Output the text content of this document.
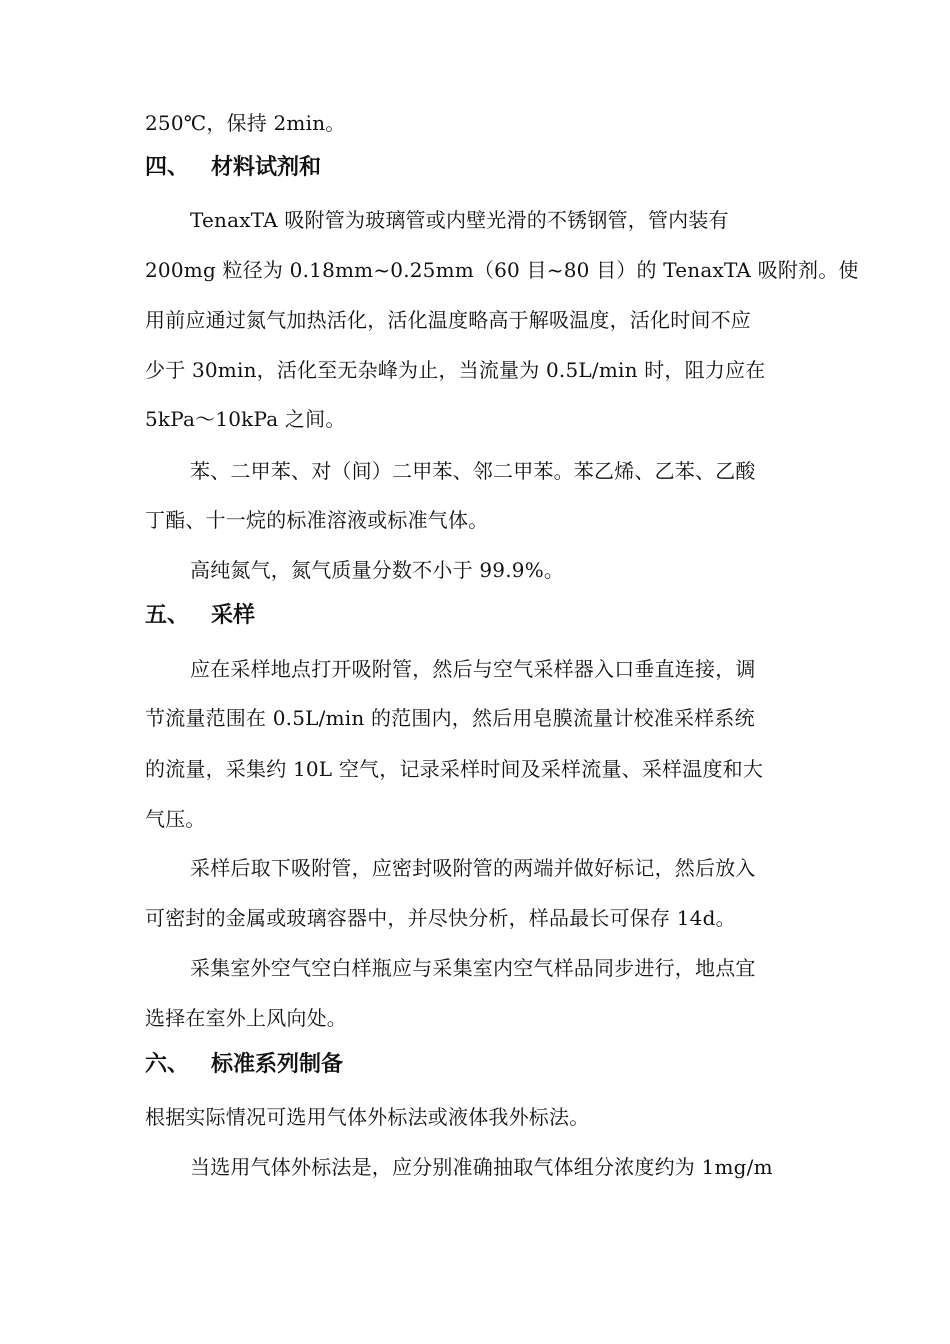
250℃，保持 2min。
四、 材料试剂和
TenaxTA 吸附管为玻璃管或内壁光滑的不锈钢管，管内装有
200mg 粒径为 0.18mm~0.25mm（60 目~80 目）的 TenaxTA 吸附剂。使
用前应通过氮气加热活化，活化温度略高于解吸温度，活化时间不应
少于 30min，活化至无杂峰为止，当流量为 0.5L/min 时，阻力应在
5kPa～10kPa 之间。
苯、二甲苯、对（间）二甲苯、邻二甲苯。苯乙烯、乙苯、乙酸
丁酯、十一烷的标准溶液或标准气体。
高纯氮气，氮气质量分数不小于 99.9%。
五、 采样
应在采样地点打开吸附管，然后与空气采样器入口垂直连接，调
节流量范围在 0.5L/min 的范围内，然后用皂膜流量计校准采样系统
的流量，采集约 10L 空气，记录采样时间及采样流量、采样温度和大
气压。
采样后取下吸附管，应密封吸附管的两端并做好标记，然后放入
可密封的金属或玻璃容器中，并尽快分析，样品最长可保存 14d。
采集室外空气空白样瓶应与采集室内空气样品同步进行，地点宜
选择在室外上风向处。
六、 标准系列制备
根据实际情况可选用气体外标法或液体我外标法。
当选用气体外标法是，应分别准确抽取气体组分浓度约为 1mg/m
